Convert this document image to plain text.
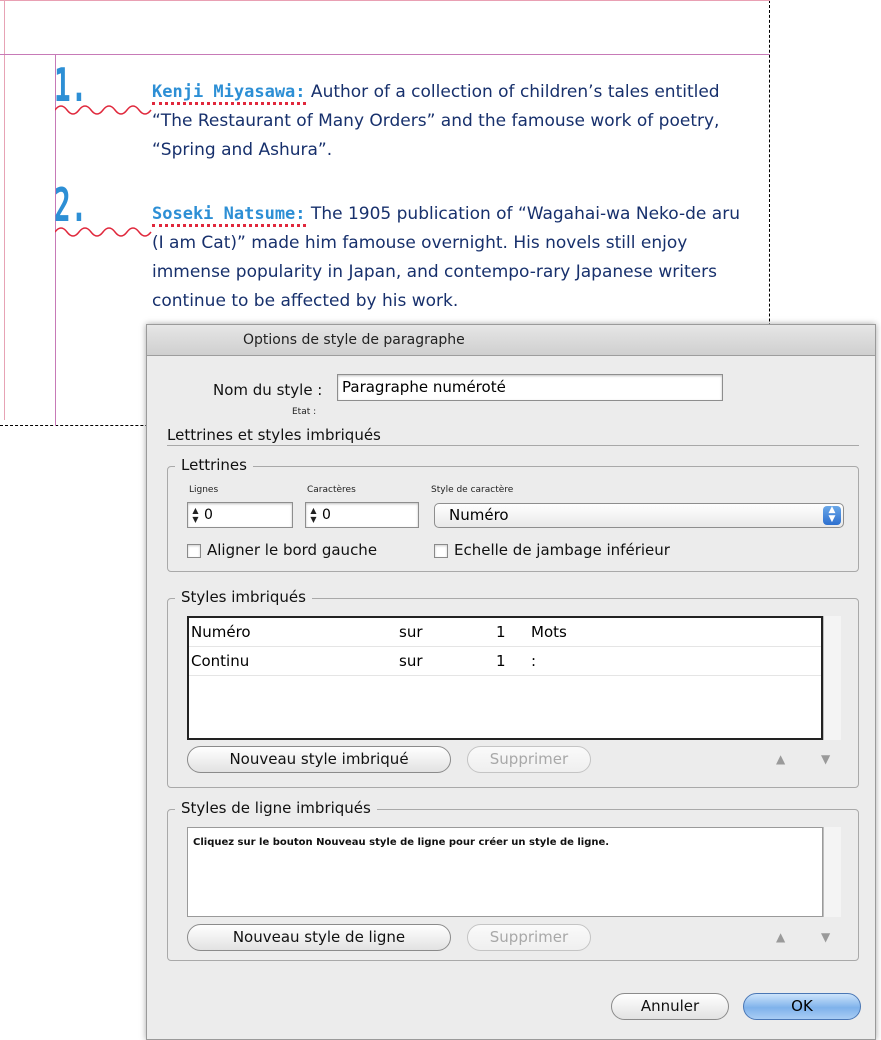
1.	Kenji Miyasawa: Author of a collection of children’s tales entitled “The Restaurant of Many Orders” and the famouse work of poetry, “Spring and Ashura”.
2.	Soseki Natsume: The 1905 publication of “Wagahai-wa Neko-de aru (I am Cat)” made him famouse overnight. His novels still enjoy immense popularity in Japan, and contempo-rary Japanese writers continue to be affected by his work.
Options de style de paragraphe
Nom du style :	Paragraphe numéroté
Etat :
Lettrines et styles imbriqués
Lettrines
Lignes
▲
▼ 0
Caractères
▲
▼ 0
Style de caractère
Numéro	▲
▼
Aligner le bord gauche	Echelle de jambage inférieur
Styles imbriqués
Numéro	sur	1 Mots
Continu	sur	1 :
Nouveau style imbriqué	Supprimer	▲	▼
Styles de ligne imbriqués
Cliquez sur le bouton Nouveau style de ligne pour créer un style de ligne.
Nouveau style de ligne	Supprimer	▲	▼
Annuler	OK
